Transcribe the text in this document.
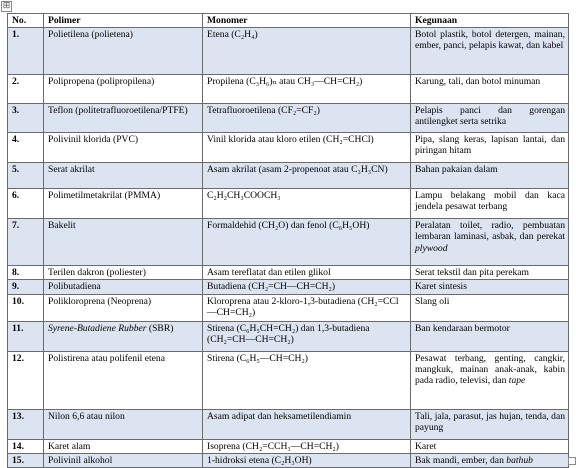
⊞
No.	Polimer	Monomer	Kegunaan
1.	Polietilena (polietena)	Etena (C₂H₄)	Botol plastik, botol detergen, mainan, ember, panci, pelapis kawat, dan kabel
2.	Polipropena (polipropilena)	Propilena (C₃H₆)ₙ atau CH₃—CH=CH₂)	Karung, tali, dan botol minuman
3.	Teflon (politetrafluoroetilena/PTFE)	Tetrafluoroetilena (CF₂=CF₂)	Pelapis panci dan gorengan antilengket serta setrika
4.	Polivinil klorida (PVC)	Vinil klorida atau kloro etilen (CH₂=CHCl)	Pipa, slang keras, lapisan lantai, dan piringan hitam
5.	Serat akrilat	Asam akrilat (asam 2-propenoat atau C₃H₃CN)	Bahan pakaian dalam
6.	Polimetilmetakrilat (PMMA)	C₂H₂CH₃COOCH₃	Lampu belakang mobil dan kaca jendela pesawat terbang
7.	Bakelit	Formaldehid (CH₂O) dan fenol (C₆H₅OH)	Peralatan toilet, radio, pembuatan lembaran laminasi, asbak, dan perekat plywood
8.	Terilen dakron (poliester)	Asam tereflatat dan etilen glikol	Serat tekstil dan pita perekam
9.	Polibutadiena	Butadiena (CH₂=CH—CH=CH₂)	Karet sintesis
10.	Polikloroprena (Neoprena)	Kloroprena atau 2-kloro-1,3-butadiena (CH₂=CCl—CH=CH₂)	Slang oli
11.	Syrene-Butadiene Rubber (SBR)	Stirena (C₆H₅CH=CH₂) dan 1,3-butadiena (CH₂=CH—CH=CH₂)	Ban kendaraan bermotor
12.	Polistirena atau polifenil etena	Stirena (C₆H₅—CH=CH₂)	Pesawat terbang, genting, cangkir, mangkuk, mainan anak-anak, kabin pada radio, televisi, dan tape
13.	Nilon 6,6 atau nilon	Asam adipat dan heksametilendiamin	Tali, jala, parasut, jas hujan, tenda, dan payung
14.	Karet alam	Isoprena (CH₂=CCH₃—CH=CH₂)	Karet
15.	Polivinil alkohol	1-hidroksi etena (C₂H₃OH)	Bak mandi, ember, dan bathub
